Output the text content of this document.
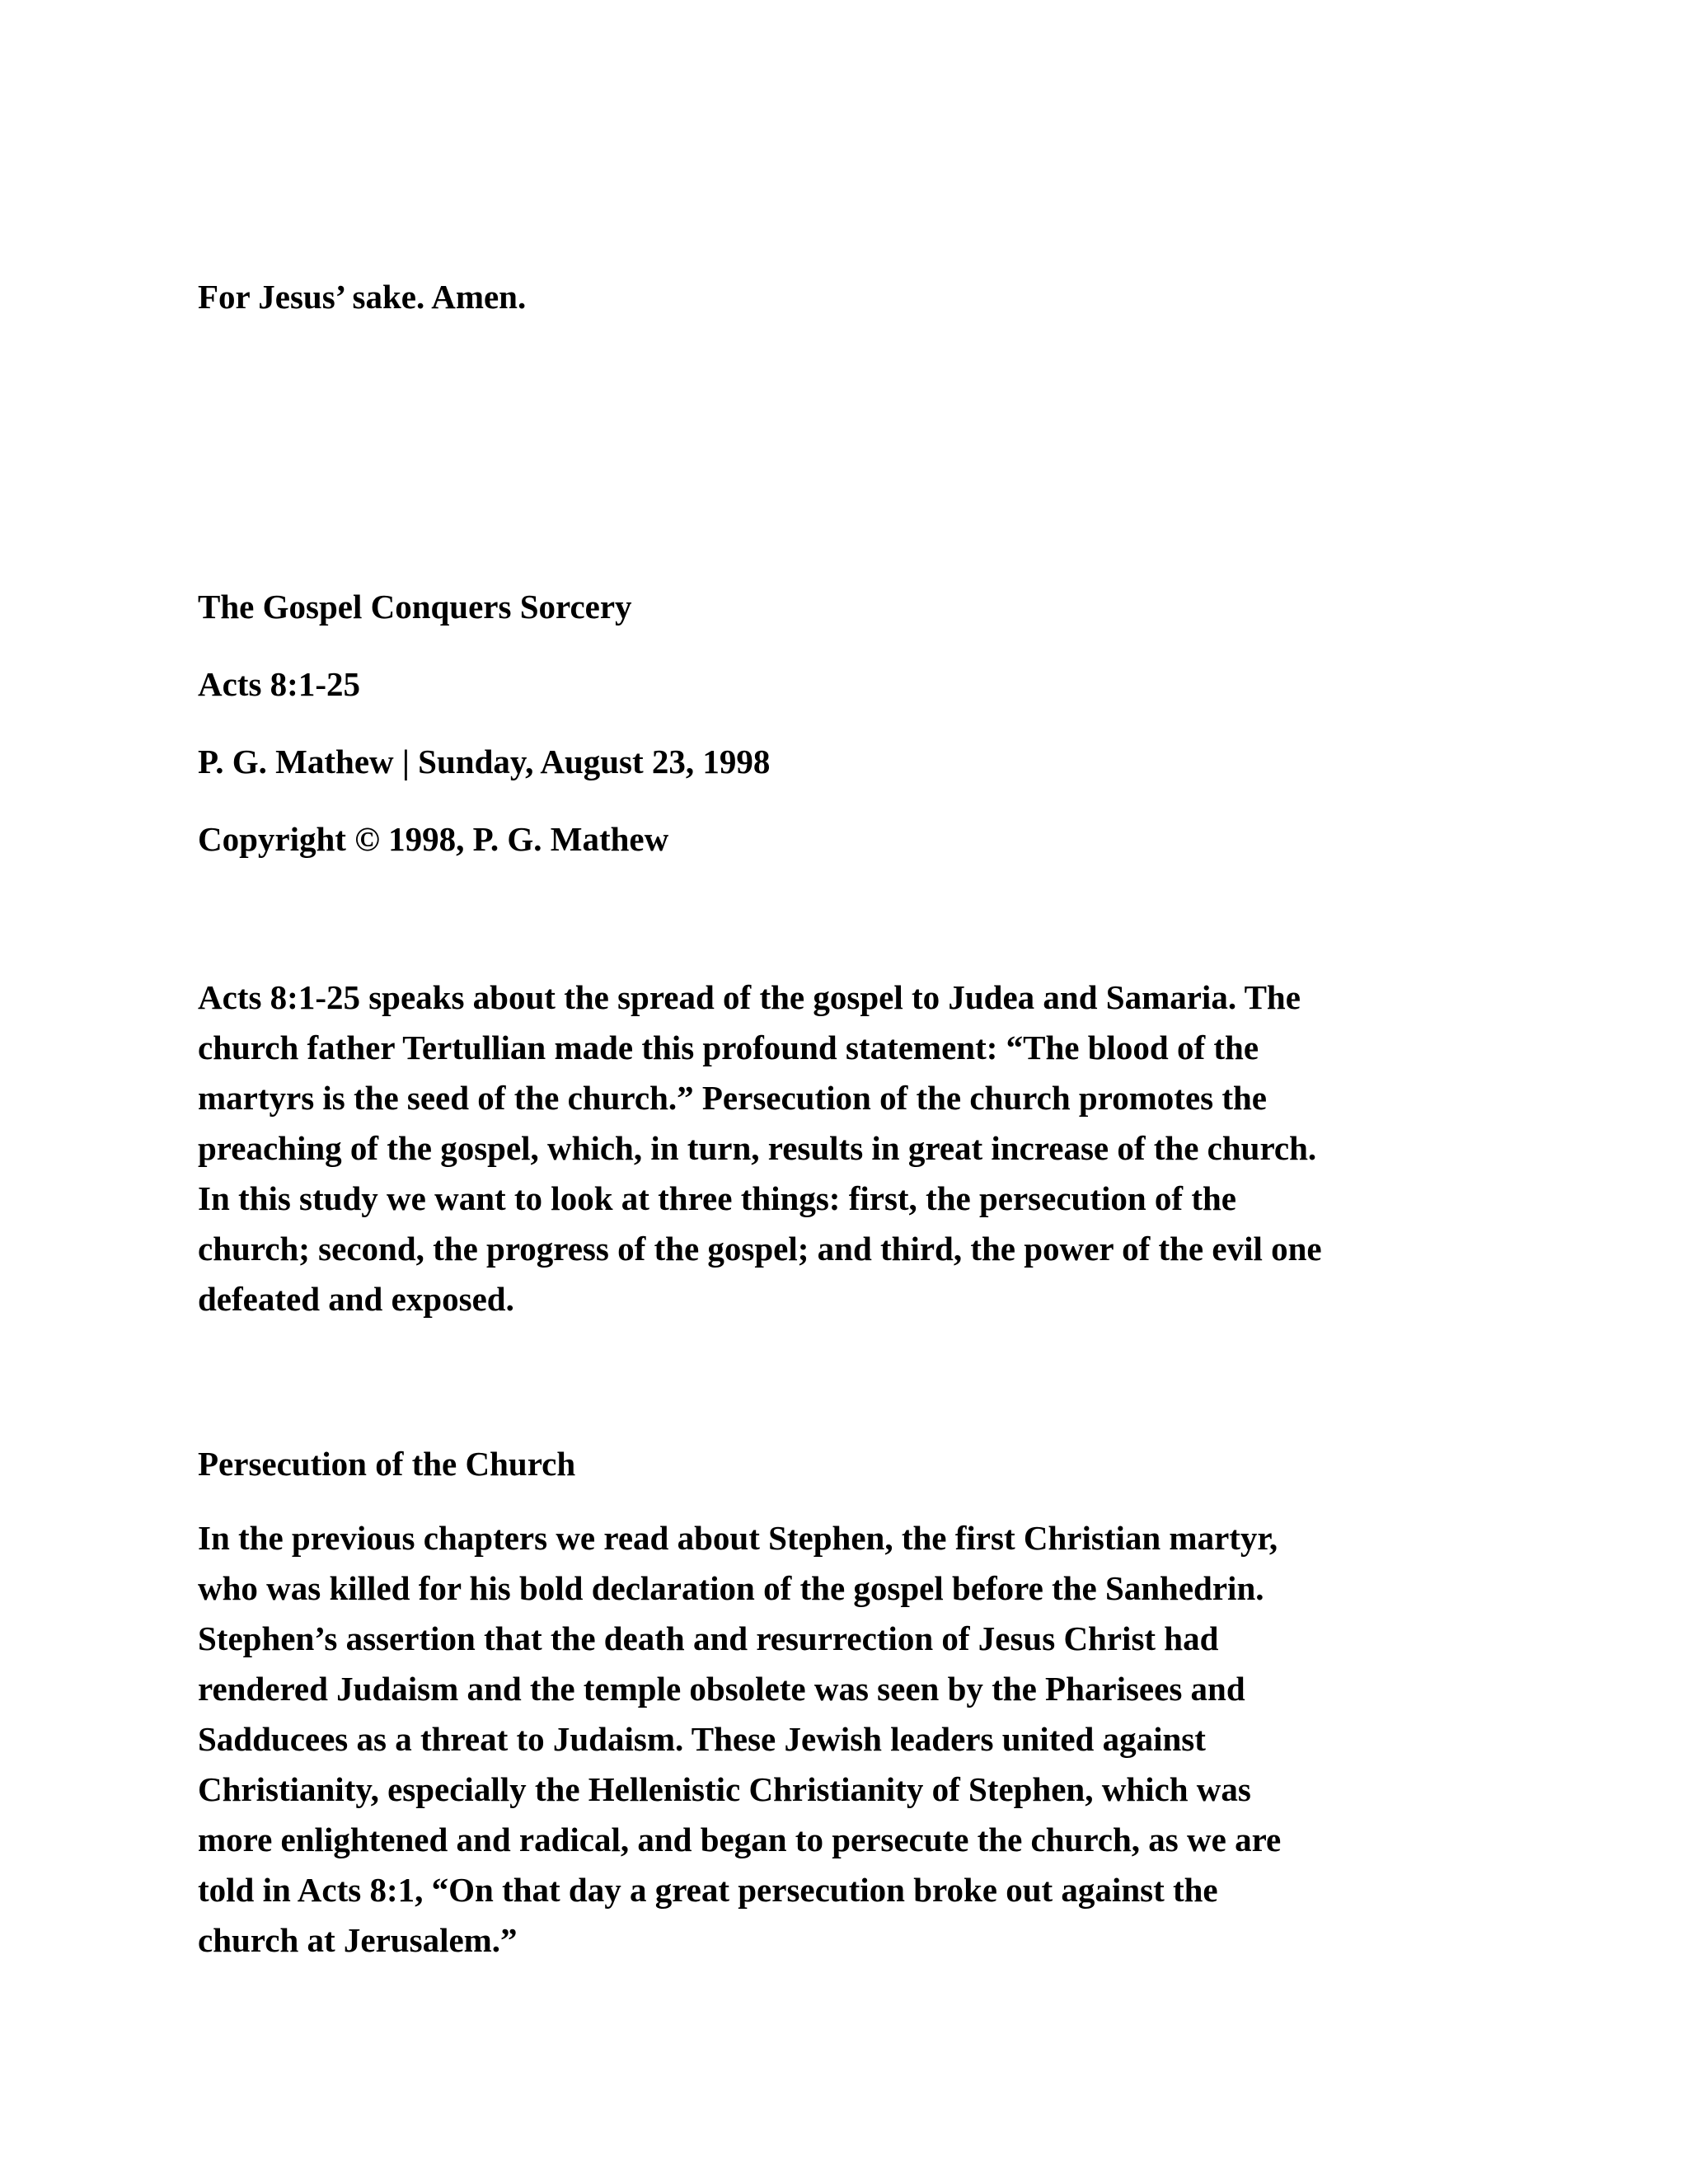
For Jesus’ sake. Amen.

The Gospel Conquers Sorcery

Acts 8:1-25

P. G. Mathew | Sunday, August 23, 1998

Copyright © 1998, P. G. Mathew

Acts 8:1-25 speaks about the spread of the gospel to Judea and Samaria. The
church father Tertullian made this profound statement: “The blood of the
martyrs is the seed of the church.” Persecution of the church promotes the
preaching of the gospel, which, in turn, results in great increase of the church.
In this study we want to look at three things: first, the persecution of the
church; second, the progress of the gospel; and third, the power of the evil one
defeated and exposed.

Persecution of the Church

In the previous chapters we read about Stephen, the first Christian martyr,
who was killed for his bold declaration of the gospel before the Sanhedrin.
Stephen’s assertion that the death and resurrection of Jesus Christ had
rendered Judaism and the temple obsolete was seen by the Pharisees and
Sadducees as a threat to Judaism. These Jewish leaders united against
Christianity, especially the Hellenistic Christianity of Stephen, which was
more enlightened and radical, and began to persecute the church, as we are
told in Acts 8:1, “On that day a great persecution broke out against the
church at Jerusalem.”
